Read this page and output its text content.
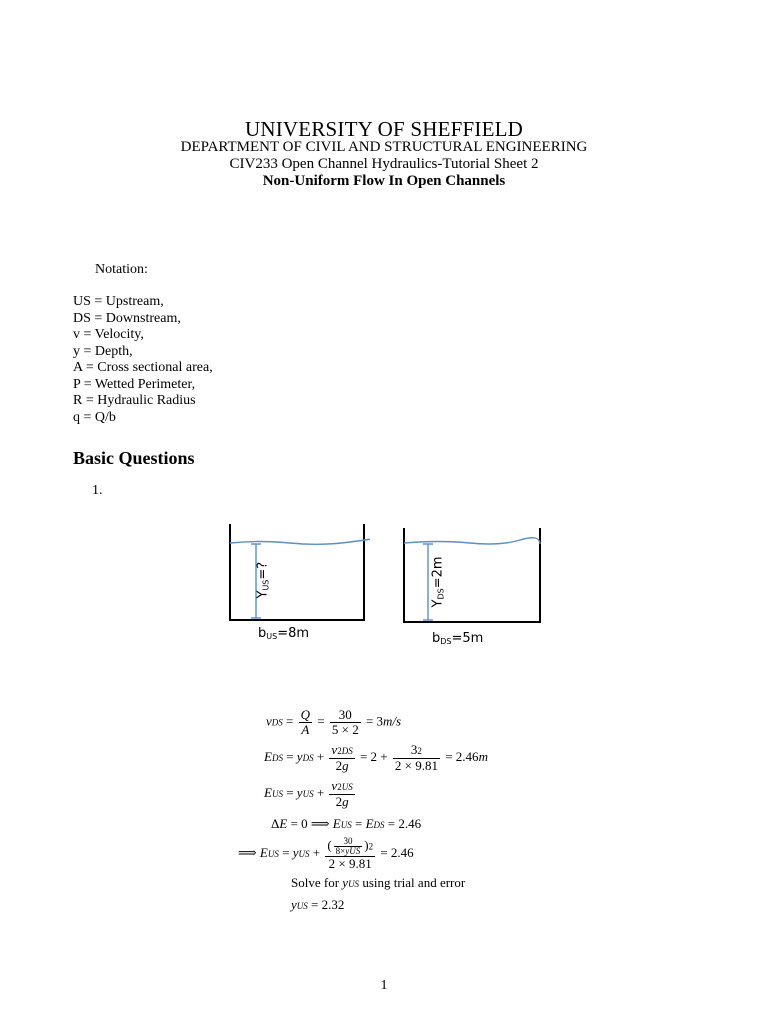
UNIVERSITY OF SHEFFIELD
DEPARTMENT OF CIVIL AND STRUCTURAL ENGINEERING
CIV233 Open Channel Hydraulics-Tutorial Sheet 2
Non-Uniform Flow In Open Channels
Notation:
US = Upstream,
DS = Downstream,
v = Velocity,
y = Depth,
A = Cross sectional area,
P = Wetted Perimeter,
R = Hydraulic Radius
q = Q/b
Basic Questions
1.
$Y_{US}=$?
$Y_{DS}=2m$
$b_{US}=8m$	$b_{DS}=5m$
vDS = $\frac{Q}{A} = \frac{30}{5 \times 2} = 3m/s$
EDS = yDS + $\frac{v2DS}{2g} = 2 + \frac{32}{2 \times 9.81} = 2.46m$
EUS = yUS + $\frac{v2US}{2g}$
ΔE = 0 ⟹ EUS = EDS = 2.46
⟹ EUS = yUS + $\frac{( \frac{30}{\text{8×yUS}} )2}{2 \times 9.81} = 2.46$
Solve for yUS using trial and error
yUS = 2.32
1
